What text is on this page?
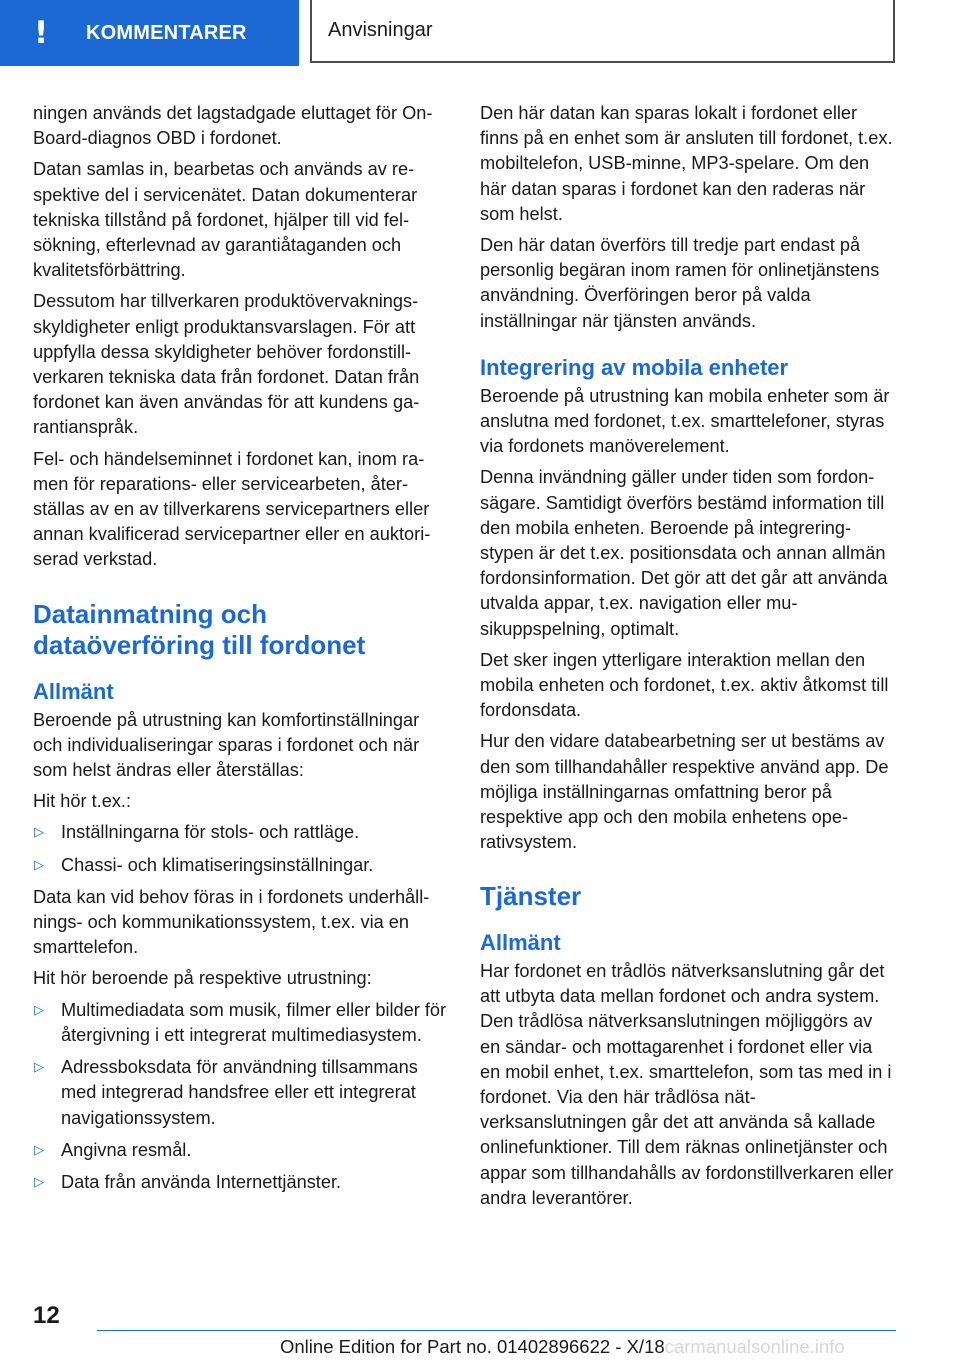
!	KOMMENTARER	Anvisningar

ningen används det lagstadgade eluttaget för On-Board-diagnos OBD i fordonet.

Datan samlas in, bearbetas och används av respektive del i servicenätet. Datan dokumenterar tekniska tillstånd på fordonet, hjälper till vid felsökning, efterlevnad av garantiåtaganden och kvalitetsförbättring.

Dessutom har tillverkaren produktövervakningsskyldigheter enligt produktansvarslagen. För att uppfylla dessa skyldigheter behöver fordonstillverkaren tekniska data från fordonet. Datan från fordonet kan även användas för att kundens garantianspråk.

Fel- och händelseminnet i fordonet kan, inom ramen för reparations- eller servicearbeten, återställas av en av tillverkarens servicepartners eller annan kvalificerad servicepartner eller en auktoriserad verkstad.

Datainmatning och dataöverföring till fordonet
Allmänt

Beroende på utrustning kan komfortinställningar och individualiseringar sparas i fordonet och när som helst ändras eller återställas:

Hit hör t.ex.:

▷ Inställningarna för stols- och rattläge.
▷ Chassi- och klimatiseringsinställningar.

Data kan vid behov föras in i fordonets underhållnings- och kommunikationssystem, t.ex. via en smarttelefon.

Hit hör beroende på respektive utrustning:

▷ Multimediadata som musik, filmer eller bilder för återgivning i ett integrerat multimediasystem.
▷ Adressboksdata för användning tillsammans med integrerad handsfree eller ett integrerat navigationssystem.
▷ Angivna resmål.
▷ Data från använda Internettjänster.

Den här datan kan sparas lokalt i fordonet eller finns på en enhet som är ansluten till fordonet, t.ex. mobiltelefon, USB-minne, MP3-spelare. Om den här datan sparas i fordonet kan den raderas när som helst.

Den här datan överförs till tredje part endast på personlig begäran inom ramen för onlinetjänstens användning. Överföringen beror på valda inställningar när tjänsten används.

Integrering av mobila enheter

Beroende på utrustning kan mobila enheter som är anslutna med fordonet, t.ex. smarttelefoner, styras via fordonets manöverelement.

Denna invändning gäller under tiden som fordonsägare. Samtidigt överförs bestämd information till den mobila enheten. Beroende på integreringstypen är det t.ex. positionsdata och annan allmän fordonsinformation. Det gör att det går att använda utvalda appar, t.ex. navigation eller musikuppspelning, optimalt.

Det sker ingen ytterligare interaktion mellan den mobila enheten och fordonet, t.ex. aktiv åtkomst till fordonsdata.

Hur den vidare databearbetning ser ut bestäms av den som tillhandahåller respektive använd app. De möjliga inställningarnas omfattning beror på respektive app och den mobila enhetens operativsystem.

Tjänster
Allmänt

Har fordonet en trådlös nätverksanslutning går det att utbyta data mellan fordonet och andra system. Den trådlösa nätverksanslutningen möjliggörs av en sändar- och mottagarenhet i fordonet eller via en mobil enhet, t.ex. smarttelefon, som tas med in i fordonet. Via den här trådlösa nätverksanslutningen går det att använda så kallade onlinefunktioner. Till dem räknas onlinetjänster och appar som tillhandahålls av fordonstillverkaren eller andra leverantörer.

12
Online Edition for Part no. 01402896622 - X/18carmanualsonline.info
